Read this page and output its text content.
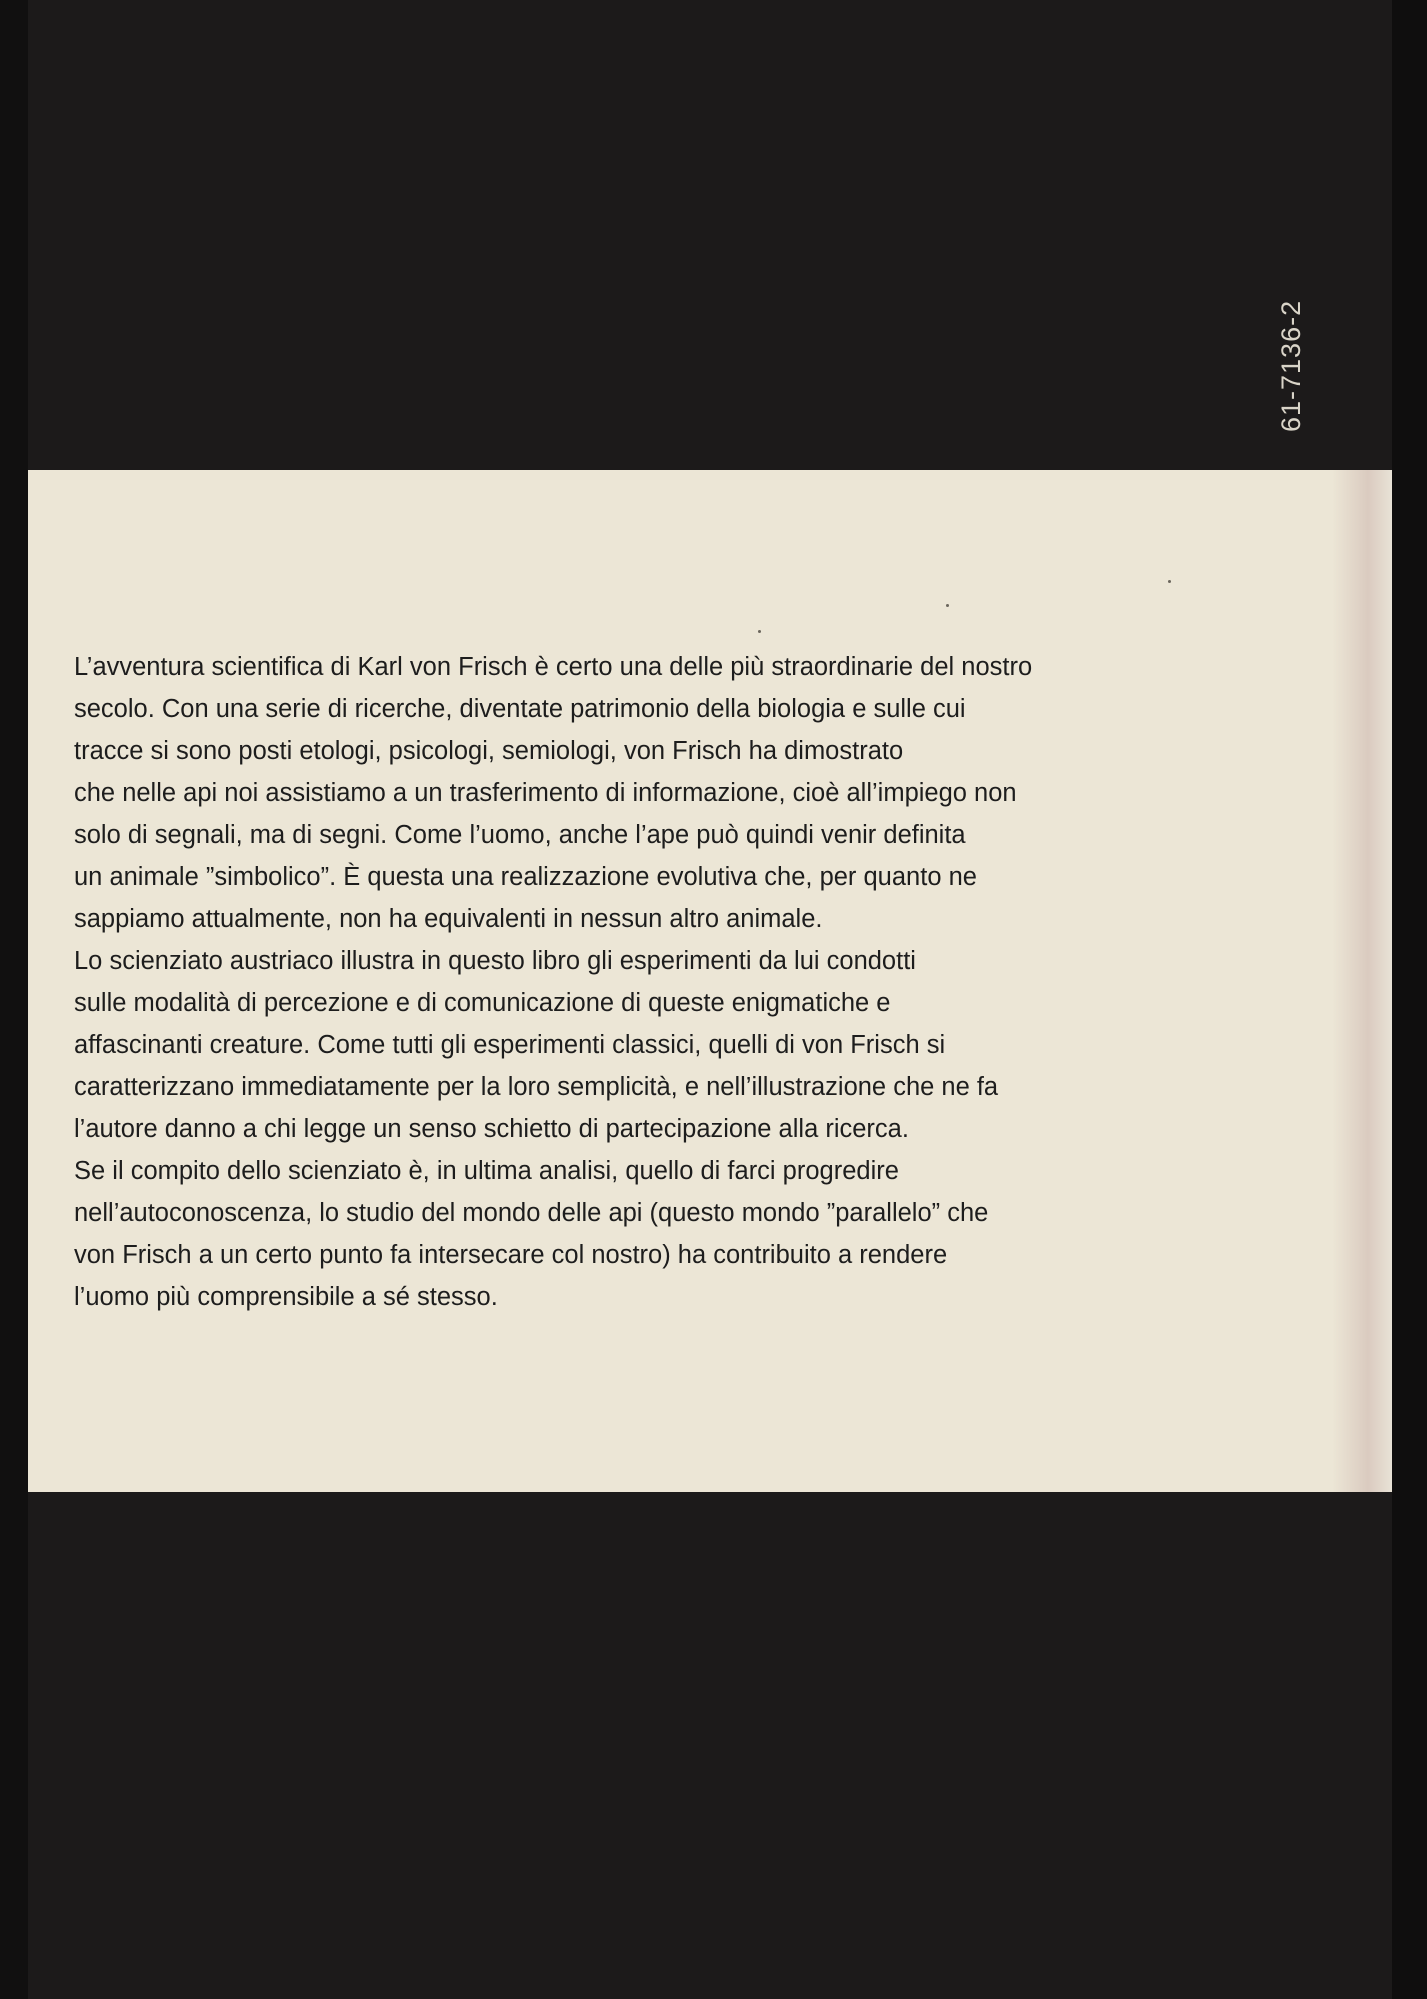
61-7136-2
L’avventura scientifica di Karl von Frisch è certo una delle più straordinarie del nostro
secolo. Con una serie di ricerche, diventate patrimonio della biologia e sulle cui
tracce si sono posti etologi, psicologi, semiologi, von Frisch ha dimostrato
che nelle api noi assistiamo a un trasferimento di informazione, cioè all’impiego non
solo di segnali, ma di segni. Come l’uomo, anche l’ape può quindi venir definita
un animale ”simbolico”. È questa una realizzazione evolutiva che, per quanto ne
sappiamo attualmente, non ha equivalenti in nessun altro animale.
Lo scienziato austriaco illustra in questo libro gli esperimenti da lui condotti
sulle modalità di percezione e di comunicazione di queste enigmatiche e
affascinanti creature. Come tutti gli esperimenti classici, quelli di von Frisch si
caratterizzano immediatamente per la loro semplicità, e nell’illustrazione che ne fa
l’autore danno a chi legge un senso schietto di partecipazione alla ricerca.
Se il compito dello scienziato è, in ultima analisi, quello di farci progredire
nell’autoconoscenza, lo studio del mondo delle api (questo mondo ”parallelo” che
von Frisch a un certo punto fa intersecare col nostro) ha contribuito a rendere
l’uomo più comprensibile a sé stesso.
